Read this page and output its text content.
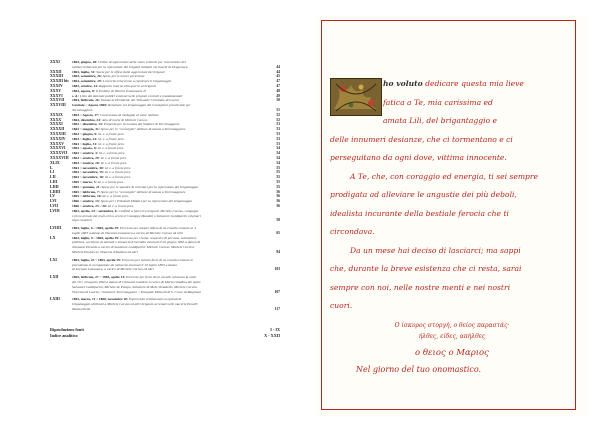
XXXI	1863, giugno, 28: Ordine di sopressione delle suore esistenti per l'esecuzione del
militari imbarcati per la repressione dei briganti latitanti nei boschi di Dragonara	44
XXXII	1863, luglio, 31: Spese per le offese dalle aggressioni dei briganti	44
XXXIII	1863, settembre, 26: Spese per le marce pericolose	45
XXXIII bis 1863, settembre, 29: L'esercito intervenne a reprimere il brigantaggio	47
XXXIV	1863, ottobre, 14: Rapporto intorno alla guerra ai briganti	47
XXXV	1863, agosto, 8: Il Prefetto di Vittorio Emmanuele II	48
XXXVI	s. d.: Lista dei detenuti politici esistenti nelle prigioni centrali e mandamentali	49
XXXVII	1864, febbraio, 26: Istanza al Presidente del Tribunale Criminale di Lucera	50
XXXVIII	Grottole ~ Agosto 1865: Relazione sul brigantaggio del Consigliere provinciale per
Torremaggiore	51
XXXIX	1864 ~ Agosto, 17: Concessione di medaglia al valor militare	52
XXXX	1864, dicembre, 24: Atto di morte di Michele Caruso	52
XXXXI	1863 ~ dicembre, 13: Proposta per la nomina del Sindaco di Torremaggiore	53
XXXXII	1864 ~ maggio, 31: Spese per lo "sconsiglio" militare di stanza a Torremaggiore	53
XXXXIII	1864 ~ giugno, 9: id. e. a fronte pres.	53
XXXXIV	1864 ~ luglio, 23: id. e. a fronte pres.	53
XXXXV	1864 ~ luglio, 31: id. e. a fronte pres.	53
XXXXVI	1864 ~ agosto, 8: id. e. a fronte pres.	54
XXXXVII	1864 ~ ottobre, 3: id. e. a fronte pres.	54
XXXXVIII 1864 ~ ottobre, 29: id. e. a fronte pres.	54
XLIX	1864 ~ ottobre, 18: id. e. a fronte pres.	54
L	1864 ~ novembre, 30: id. e. a fronte pres.	55
LI	1864 ~ novembre, 15: id. e. a fronte pres.	55
LII	1864 ~ novembre, 18: id. e. a fronte pres.	55
LIII	1865 ~ marzo, 5: id. e. a fronte pres.	55
LIIII	1865 ~ gennaio, 21: Spese per le squadre di volontari per la repressione del brigantaggio	55
LIIIII	1865 ~ febbraio, 7: Spese per lo "sconsiglio" militare di stanza a Torremaggiore	56
LV	1865 ~ febbraio, 16: id. e. a fronte pres.	56
LVI	1866 ~ ottobre, 13: Spese per i Tribunali Militari per la repressione del brigantaggio	56
LVII	1866 ~ ottobre, 23 ~ 30: id. e. a fronte pres.	56
LVIII	1863, aprile, 24 ~ settembre, 6: Conflitti a fuoco tra briganti, Michele Caruso, compagni
e forze armate dei reali, trovo ucciso il Giuseppe Mandoli e Salvatore Guidiparini originari
capo cavalieri	58
LVIIII	1863, luglio, 6 ~ 1865, aprile 19: Processo per attuare difesa di un cavallo restante al 4
luglio 1863 a danno di Vincenzo Lamanera a carico di Michele Caruso ed altri	65
LX	1863, luglio, 9 ~ 1865, aprile 19: Processo per rivolte, sequestro di persona, sottrazione
pubblica, uccisione di animali e minaccia d'incendio avvenuti il 29 giugno 1863 a danno di
Tommaso Pirande a carico di Salvatore Guidiparini, Michele Caruso, Michele Cornisi,
Michele Paoluccio, Vinaccia d'Italiano ed altri	94
LXI	1863, luglio, 23 ~ 1865, aprile 19: Processo per tentato furto di un cavallo restante in
precedenza in occupazione da minaccia avvenuti il 19 luglio 1863 a danno
di Luciano Lamanara, a carico di Michele Caruso ed altri	103
LXII	1865, febbraio, 27 ~ 1865, aprile 14: Processo per furto di un cavallo avvenuto la notte
del 19 e 20 agosto 1863 a danno di Giovanni Gardese a carico di Maria cittadina del quale
Salvatore Guidiparini, Michele de Pompo, Salvatore di Melo Viviadello, Michele Caruso,
Vincenzo di Lauria ~ Salvatore Torremaggiore ~ Pasquale Minnelli di S. Croce di Magliano	107
LXIII	1863, marzo, 11 ~ 1868, novembre 10: Espressioni testimoniali su episodi di
brigantaggio attribuiti a Michele Caruso ed altri briganti, arrestati nelle macerie Ponelli:
Montecihelle	117
Riproduzione fonti	I - IX
Indice analitico	X - XXII
ho voluto dedicare questa mia lieve
fatica a Te, mia carissima ed
amata Lili, del brigantaggio e
delle innumeri desianze, che ci tormentano e ci
perseguitano da ogni dove, vittima innocente.
A Te, che, con coraggio ed energia, ti sei sempre
prodigata ad alleviare le angustie dei più deboli,
idealista incurante della bestiale ferocia che ti
circondava.
Da un mese hai deciso di lasciarci; ma sappi
che, durante la breve esistenza che ci resta, sarai
sempre con noi, nelle nostre menti e nei nostri
cuori.
Ο ίσκυρος στοργή, ο θείος παραστάς·
ήλθες, είδες, απήλθες
ο θειος ο Μαριος
Nel giorno del tuo onomastico.
